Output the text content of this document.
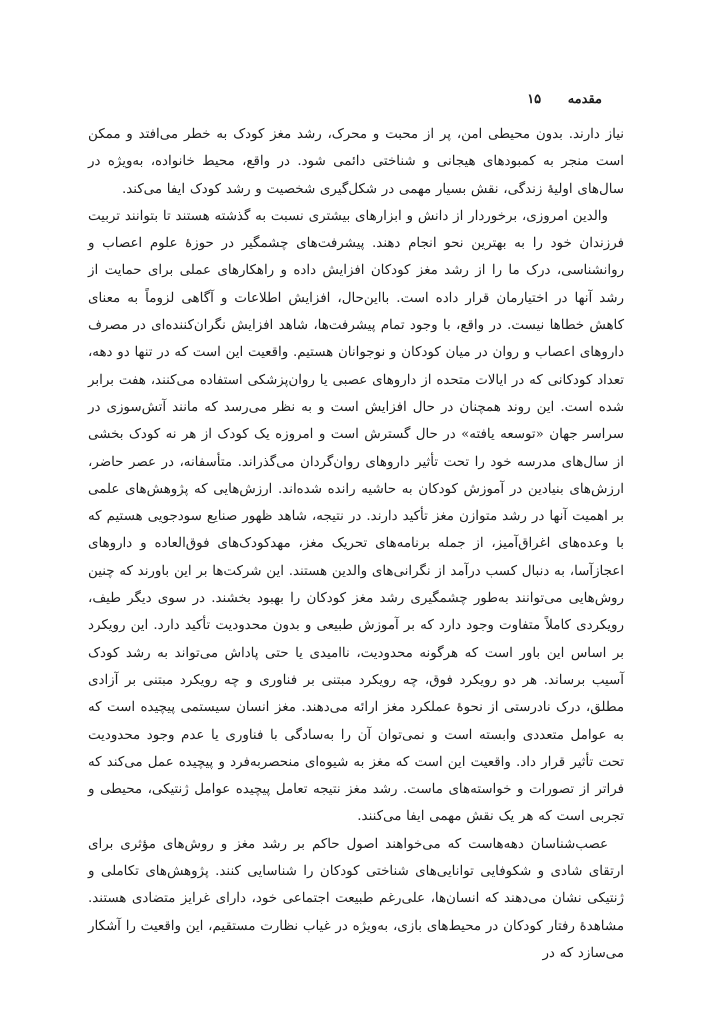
مقدمه ۱۵

نیاز دارند. بدون محیطی امن، پر از محبت و محرک، رشد مغز کودک به خطر می‌افتد و ممکن است منجر به کمبودهای هیجانی و شناختی دائمی شود. در واقع، محیط خانواده، به‌ویژه در سال‌های اولیهٔ زندگی، نقش بسیار مهمی در شکل‌گیری شخصیت و رشد کودک ایفا می‌کند.

والدین امروزی، برخوردار از دانش و ابزارهای بیشتری نسبت به گذشته هستند تا بتوانند تربیت فرزندان خود را به بهترین نحو انجام دهند. پیشرفت‌های چشمگیر در حوزهٔ علوم اعصاب و روانشناسی، درک ما را از رشد مغز کودکان افزایش داده و راهکارهای عملی برای حمایت از رشد آنها در اختیارمان قرار داده است. بااین‌حال، افزایش اطلاعات و آگاهی لزوماً به معنای کاهش خطاها نیست. در واقع، با وجود تمام پیشرفت‌ها، شاهد افزایش نگران‌کننده‌ای در مصرف داروهای اعصاب و روان در میان کودکان و نوجوانان هستیم. واقعیت این است که در تنها دو دهه، تعداد کودکانی که در ایالات متحده از داروهای عصبی یا روان‌پزشکی استفاده می‌کنند، هفت برابر شده است. این روند همچنان در حال افزایش است و به نظر می‌رسد که مانند آتش‌سوزی در سراسر جهان «توسعه یافته» در حال گسترش است و امروزه یک کودک از هر نه کودک بخشی از سال‌های مدرسه خود را تحت تأثیر داروهای روان‌گردان می‌گذراند. متأسفانه، در عصر حاضر، ارزش‌های بنیادین در آموزش کودکان به حاشیه رانده شده‌اند. ارزش‌هایی که پژوهش‌های علمی بر اهمیت آنها در رشد متوازن مغز تأکید دارند. در نتیجه، شاهد ظهور صنایع سودجویی هستیم که با وعده‌های اغراق‌آمیز، از جمله برنامه‌های تحریک مغز، مهدکودک‌های فوق‌العاده و داروهای اعجازآسا، به دنبال کسب درآمد از نگرانی‌های والدین هستند. این شرکت‌ها بر این باورند که چنین روش‌هایی می‌توانند به‌طور چشمگیری رشد مغز کودکان را بهبود بخشند. در سوی دیگر طیف، رویکردی کاملاً متفاوت وجود دارد که بر آموزش طبیعی و بدون محدودیت تأکید دارد. این رویکرد بر اساس این باور است که هرگونه محدودیت، ناامیدی یا حتی پاداش می‌تواند به رشد کودک آسیب برساند. هر دو رویکرد فوق، چه رویکرد مبتنی بر فناوری و چه رویکرد مبتنی بر آزادی مطلق، درک نادرستی از نحوهٔ عملکرد مغز ارائه می‌دهند. مغز انسان سیستمی پیچیده است که به عوامل متعددی وابسته است و نمی‌توان آن را به‌سادگی با فناوری یا عدم وجود محدودیت تحت تأثیر قرار داد. واقعیت این است که مغز به شیوه‌ای منحصربه‌فرد و پیچیده عمل می‌کند که فراتر از تصورات و خواسته‌های ماست. رشد مغز نتیجه تعامل پیچیده عوامل ژنتیکی، محیطی و تجربی است که هر یک نقش مهمی ایفا می‌کنند.

عصب‌شناسان دهه‌هاست که می‌خواهند اصول حاکم بر رشد مغز و روش‌های مؤثری برای ارتقای شادی و شکوفایی توانایی‌های شناختی کودکان را شناسایی کنند. پژوهش‌های تکاملی و ژنتیکی نشان می‌دهند که انسان‌ها، علی‌رغم طبیعت اجتماعی خود، دارای غرایز متضادی هستند. مشاهدهٔ رفتار کودکان در محیط‌های بازی، به‌ویژه در غیاب نظارت مستقیم، این واقعیت را آشکار می‌سازد که در
